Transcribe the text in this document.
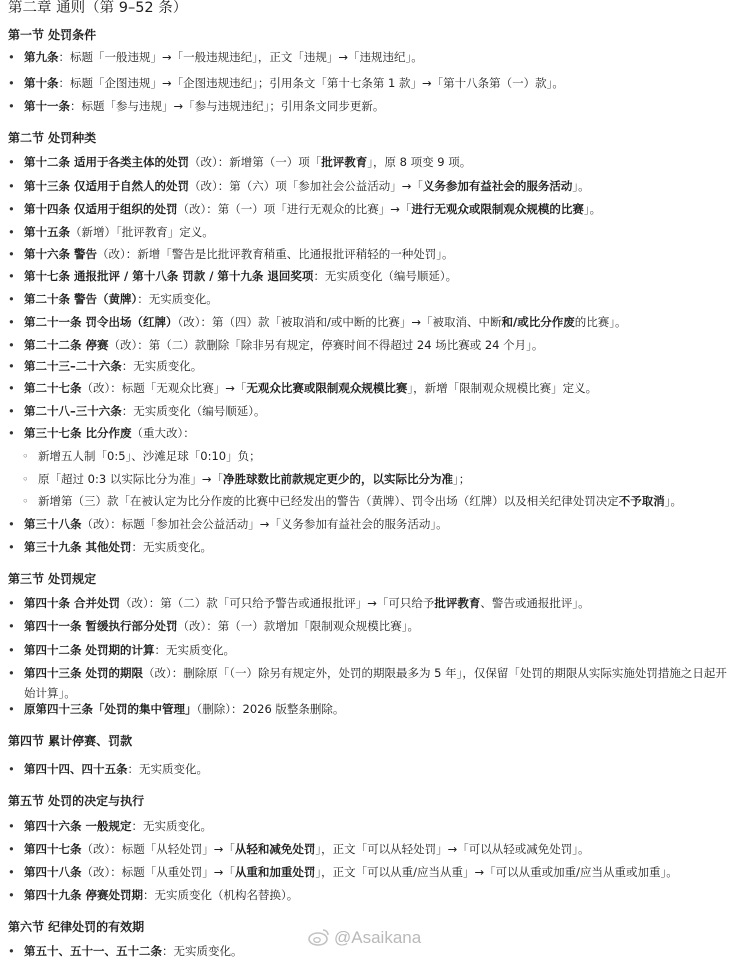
第二章 通则（第 9–52 条）
第一节 处罚条件
• 第九条：标题「一般违规」→「一般违规违纪」，正文「违规」→「违规违纪」。
• 第十条：标题「企图违规」→「企图违规违纪」；引用条文「第十七条第 1 款」→「第十八条第（一）款」。
• 第十一条：标题「参与违规」→「参与违规违纪」；引用条文同步更新。
第二节 处罚种类
• 第十二条 适用于各类主体的处罚（改）：新增第（一）项「批评教育」，原 8 项变 9 项。
• 第十三条 仅适用于自然人的处罚（改）：第（六）项「参加社会公益活动」→「义务参加有益社会的服务活动」。
• 第十四条 仅适用于组织的处罚（改）：第（一）项「进行无观众的比赛」→「进行无观众或限制观众规模的比赛」。
• 第十五条（新增）「批评教育」定义。
• 第十六条 警告（改）：新增「警告是比批评教育稍重、比通报批评稍轻的一种处罚」。
• 第十七条 通报批评 / 第十八条 罚款 / 第十九条 退回奖项：无实质变化（编号顺延）。
• 第二十条 警告（黄牌）：无实质变化。
• 第二十一条 罚令出场（红牌）（改）：第（四）款「被取消和/或中断的比赛」→「被取消、中断和/或比分作废的比赛」。
• 第二十二条 停赛（改）：第（二）款删除「除非另有规定，停赛时间不得超过 24 场比赛或 24 个月」。
• 第二十三–二十六条：无实质变化。
• 第二十七条（改）：标题「无观众比赛」→「无观众比赛或限制观众规模比赛」，新增「限制观众规模比赛」定义。
• 第二十八–三十六条：无实质变化（编号顺延）。
• 第三十七条 比分作废（重大改）：
◦ 新增五人制「0:5」、沙滩足球「0:10」负；
◦ 原「超过 0:3 以实际比分为准」→「净胜球数比前款规定更少的，以实际比分为准」；
◦ 新增第（三）款「在被认定为比分作废的比赛中已经发出的警告（黄牌）、罚令出场（红牌）以及相关纪律处罚决定不予取消」。
• 第三十八条（改）：标题「参加社会公益活动」→「义务参加有益社会的服务活动」。
• 第三十九条 其他处罚：无实质变化。
第三节 处罚规定
• 第四十条 合并处罚（改）：第（二）款「可只给予警告或通报批评」→「可只给予批评教育、警告或通报批评」。
• 第四十一条 暂缓执行部分处罚（改）：第（一）款增加「限制观众规模比赛」。
• 第四十二条 处罚期的计算：无实质变化。
• 第四十三条 处罚的期限（改）：删除原「（一）除另有规定外，处罚的期限最多为 5 年」，仅保留「处罚的期限从实际实施处罚措施之日起开始计算」。
• 原第四十三条「处罚的集中管理」（删除）：2026 版整条删除。
第四节 累计停赛、罚款
• 第四十四、四十五条：无实质变化。
第五节 处罚的决定与执行
• 第四十六条 一般规定：无实质变化。
• 第四十七条（改）：标题「从轻处罚」→「从轻和减免处罚」，正文「可以从轻处罚」→「可以从轻或减免处罚」。
• 第四十八条（改）：标题「从重处罚」→「从重和加重处罚」，正文「可以从重/应当从重」→「可以从重或加重/应当从重或加重」。
• 第四十九条 停赛处罚期：无实质变化（机构名替换）。
第六节 纪律处罚的有效期
• 第五十、五十一、五十二条：无实质变化。
@Asaikana
